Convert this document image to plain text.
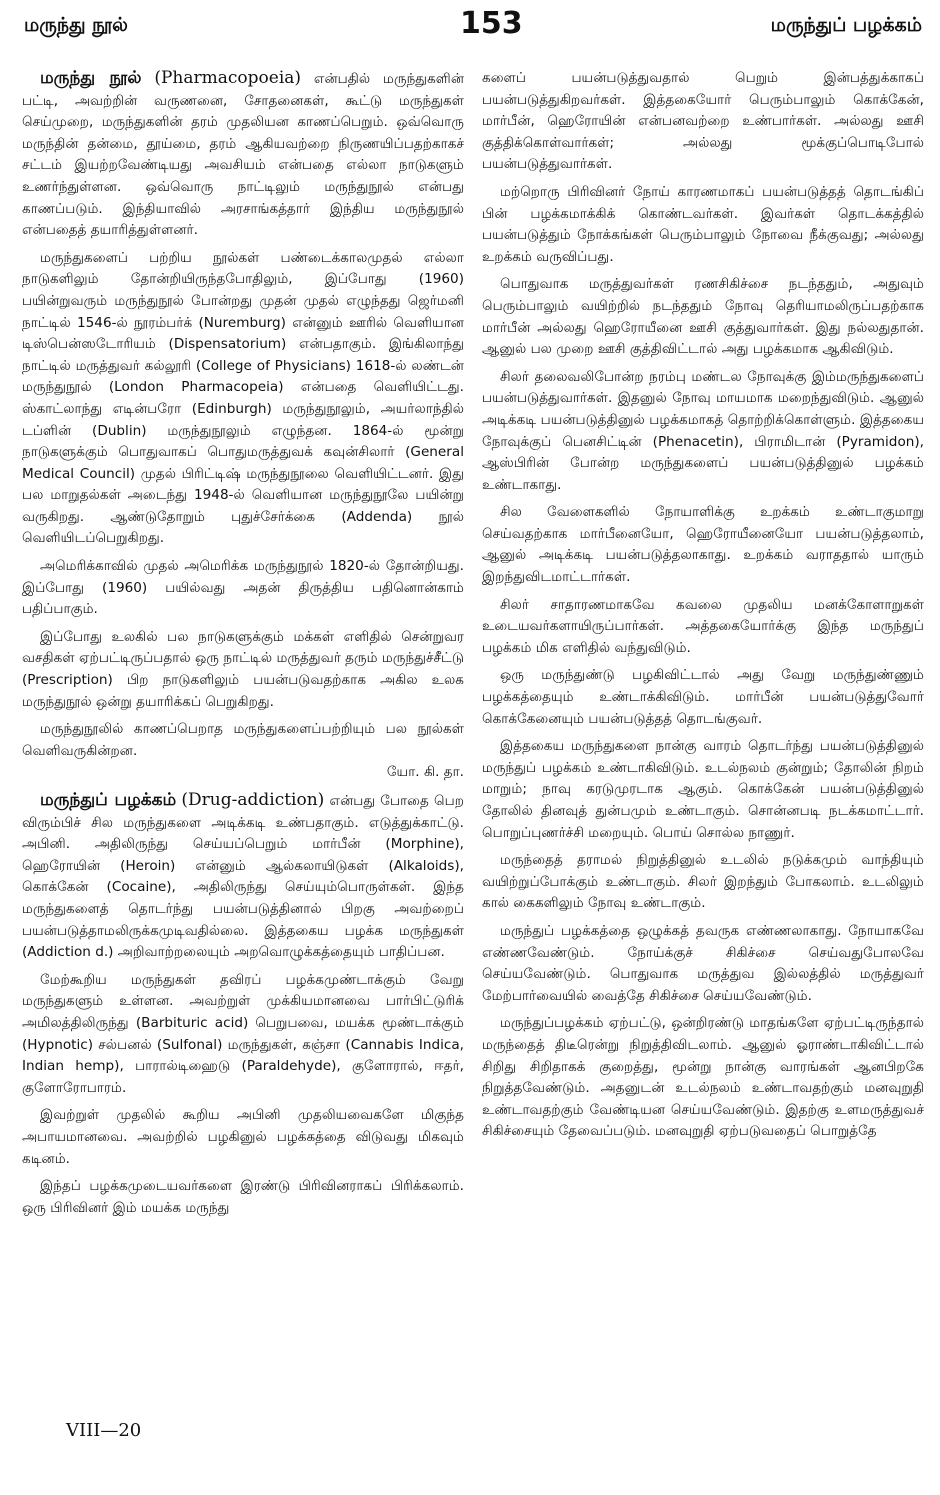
மருந்து நூல்	153	மருந்துப் பழக்கம்

மருந்து நூல் (Pharmacopoeia) என்பதில் மருந்துகளின் பட்டி, அவற்றின் வருணனை, சோதனைகள், கூட்டு மருந்துகள் செய்முறை, மருந்துகளின் தரம் முதலியன காணப்பெறும். ஒவ்வொரு மருந்தின் தன்மை, தூய்மை, தரம் ஆகியவற்றை நிருணயிப்பதற்காகச் சட்டம் இயற்றவேண்டியது அவசியம் என்பதை எல்லா நாடுகளும் உணர்ந்துள்ளன. ஒவ்வொரு நாட்டிலும் மருந்துநூல் என்பது காணப்படும். இந்தியாவில் அரசாங்கத்தார் இந்திய மருந்துநூல் என்பதைத் தயாரித்துள்ளனர்.

மருந்துகளைப் பற்றிய நூல்கள் பண்டைக்காலமுதல் எல்லா நாடுகளிலும் தோன்றியிருந்தபோதிலும், இப்போது (1960) பயின்றுவரும் மருந்துநூல் போன்றது முதன் முதல் எழுந்தது ஜெர்மனி நாட்டில் 1546-ல் நூரம்பர்க் (Nuremburg) என்னும் ஊரில் வெளியான டிஸ்பென்ஸடோரியம் (Dispensatorium) என்பதாகும். இங்கிலாந்து நாட்டில் மருத்துவர் கல்லூரி (College of Physicians) 1618-ல் லண்டன் மருந்துநூல் (London Pharmacopeia) என்பதை வெளியிட்டது. ஸ்காட்லாந்து எடின்பரோ (Edinburgh) மருந்துநூலும், அயர்லாந்தில் டப்ளின் (Dublin) மருந்துநூலும் எழுந்தன. 1864-ல் மூன்று நாடுகளுக்கும் பொதுவாகப் பொதுமருத்துவக் கவுன்சிலார் (General Medical Council) முதல் பிரிட்டிஷ் மருந்துநூலை வெளியிட்டனர். இது பல மாறுதல்கள் அடைந்து 1948-ல் வெளியான மருந்துநூலே பயின்று வருகிறது. ஆண்டுதோறும் புதுச்சேர்க்கை (Addenda) நூல் வெளியிடப்பெறுகிறது.

அமெரிக்காவில் முதல் அமெரிக்க மருந்துநூல் 1820-ல் தோன்றியது. இப்போது (1960) பயில்வது அதன் திருத்திய பதினொன்காம் பதிப்பாகும்.

இப்போது உலகில் பல நாடுகளுக்கும் மக்கள் எளிதில் சென்றுவர வசதிகள் ஏற்பட்டிருப்பதால் ஒரு நாட்டில் மருத்துவர் தரும் மருந்துச்சீட்டு (Prescription) பிற நாடுகளிலும் பயன்படுவதற்காக அகில உலக மருந்துநூல் ஒன்று தயாரிக்கப் பெறுகிறது.

மருந்துநூலில் காணப்பெறாத மருந்துகளைப்பற்றியும் பல நூல்கள் வெளிவருகின்றன.
யோ. கி. தா.

மருந்துப் பழக்கம் (Drug-addiction) என்பது போதை பெற விரும்பிச் சில மருந்துகளை அடிக்கடி உண்பதாகும். எடுத்துக்காட்டு. அபினி. அதிலிருந்து செய்யப்பெறும் மார்பீன் (Morphine), ஹெரோயின் (Heroin) என்னும் ஆல்கலாயிடுகள் (Alkaloids), கொக்கேன் (Cocaine), அதிலிருந்து செய்யும்பொருள்கள். இந்த மருந்துகளைத் தொடர்ந்து பயன்படுத்தினால் பிறகு அவற்றைப் பயன்படுத்தாமலிருக்கமுடிவதில்லை. இத்தகைய பழக்க மருந்துகள் (Addiction d.) அறிவாற்றலையும் அறவொழுக்கத்தையும் பாதிப்பன.

மேற்கூறிய மருந்துகள் தவிரப் பழக்கமுண்டாக்கும் வேறு மருந்துகளும் உள்ளன. அவற்றுள் முக்கியமானவை பார்பிட்டுரிக் அமிலத்திலிருந்து (Barbituric acid) பெறுபவை, மயக்க மூண்டாக்கும் (Hypnotic) சல்பனல் (Sulfonal) மருந்துகள், கஞ்சா (Cannabis Indica, Indian hemp), பாரால்டிஹைடு (Paraldehyde), குளோரால், ஈதர், குளோரோபாரம்.

இவற்றுள் முதலில் கூறிய அபினி முதலியவைகளே மிகுந்த அபாயமானவை. அவற்றில் பழகினுல் பழக்கத்தை விடுவது மிகவும் கடினம்.

இந்தப் பழக்கமுடையவர்களை இரண்டு பிரிவினராகப் பிரிக்கலாம். ஒரு பிரிவினர் இம் மயக்க மருந்து

களைப் பயன்படுத்துவதால் பெறும் இன்பத்துக்காகப் பயன்படுத்துகிறவர்கள். இத்தகையோர் பெரும்பாலும் கொக்கேன், மார்பீன், ஹெரோயின் என்பனவற்றை உண்பார்கள். அல்லது ஊசி குத்திக்கொள்வார்கள்; அல்லது மூக்குப்பொடிபோல் பயன்படுத்துவார்கள்.

மற்றொரு பிரிவினர் நோய் காரணமாகப் பயன்படுத்தத் தொடங்கிப் பின் பழக்கமாக்கிக் கொண்டவர்கள். இவர்கள் தொடக்கத்தில் பயன்படுத்தும் நோக்கங்கள் பெரும்பாலும் நோவை நீக்குவது; அல்லது உறக்கம் வருவிப்பது.

பொதுவாக மருத்துவர்கள் ரணசிகிச்சை நடந்ததும், அதுவும் பெரும்பாலும் வயிற்றில் நடந்ததும் நோவு தெரியாமலிருப்பதற்காக மார்பீன் அல்லது ஹெரோயீனை ஊசி குத்துவார்கள். இது நல்லதுதான். ஆனுல் பல முறை ஊசி குத்திவிட்டால் அது பழக்கமாக ஆகிவிடும்.

சிலர் தலைவலிபோன்ற நரம்பு மண்டல நோவுக்கு இம்மருந்துகளைப் பயன்படுத்துவார்கள். இதனுல் நோவு மாயமாக மறைந்துவிடும். ஆனுல் அடிக்கடி பயன்படுத்தினுல் பழக்கமாகத் தொற்றிக்கொள்ளும். இத்தகைய நோவுக்குப் பெனசிட்டின் (Phenacetin), பிராமிடான் (Pyramidon), ஆஸ்பிரின் போன்ற மருந்துகளைப் பயன்படுத்தினுல் பழக்கம் உண்டாகாது.

சில வேளைகளில் நோயாளிக்கு உறக்கம் உண்டாகுமாறு செய்வதற்காக மார்பீனையோ, ஹெரோயீனையோ பயன்படுத்தலாம், ஆனுல் அடிக்கடி பயன்படுத்தலாகாது. உறக்கம் வராததால் யாரும் இறந்துவிடமாட்டார்கள்.

சிலர் சாதாரணமாகவே கவலை முதலிய மனக்கோளாறுகள் உடையவர்களாயிருப்பார்கள். அத்தகையோர்க்கு இந்த மருந்துப் பழக்கம் மிக எளிதில் வந்துவிடும்.

ஒரு மருந்துண்டு பழகிவிட்டால் அது வேறு மருந்துண்ணும் பழக்கத்தையும் உண்டாக்கிவிடும். மார்பீன் பயன்படுத்துவோர் கொக்கேனையும் பயன்படுத்தத் தொடங்குவர்.

இத்தகைய மருந்துகளை நான்கு வாரம் தொடர்ந்து பயன்படுத்தினுல் மருந்துப் பழக்கம் உண்டாகிவிடும். உடல்நலம் குன்றும்; தோலின் நிறம் மாறும்; நாவு கரடுமுரடாக ஆகும். கொக்கேன் பயன்படுத்தினுல் தோலில் தினவுத் துன்பமும் உண்டாகும். சொன்னபடி நடக்கமாட்டார். பொறுப்புணர்ச்சி மறையும். பொய் சொல்ல நாணுர்.

மருந்தைத் தராமல் நிறுத்தினுல் உடலில் நடுக்கமும் வாந்தியும் வயிற்றுப்போக்கும் உண்டாகும். சிலர் இறந்தும் போகலாம். உடலிலும் கால் கைகளிலும் நோவு உண்டாகும்.

மருந்துப் பழக்கத்தை ஒழுக்கத் தவருக எண்ணலாகாது. நோயாகவே எண்ணவேண்டும். நோய்க்குச் சிகிச்சை செய்வதுபோலவே செய்யவேண்டும். பொதுவாக மருத்துவ இல்லத்தில் மருத்துவர் மேற்பார்வையில் வைத்தே சிகிச்சை செய்யவேண்டும்.

மருந்துப்பழக்கம் ஏற்பட்டு, ஒன்றிரண்டு மாதங்களே ஏற்பட்டிருந்தால் மருந்தைத் திடீரென்று நிறுத்திவிடலாம். ஆனுல் ஓராண்டாகிவிட்டால் சிறிது சிறிதாகக் குறைத்து, மூன்று நான்கு வாரங்கள் ஆனபிறகே நிறுத்தவேண்டும். அதனுடன் உடல்நலம் உண்டாவதற்கும் மனவுறுதி உண்டாவதற்கும் வேண்டியன செய்யவேண்டும். இதற்கு உளமருத்துவச் சிகிச்சையும் தேவைப்படும். மனவுறுதி ஏற்படுவதைப் பொறுத்தே

VIII—20
